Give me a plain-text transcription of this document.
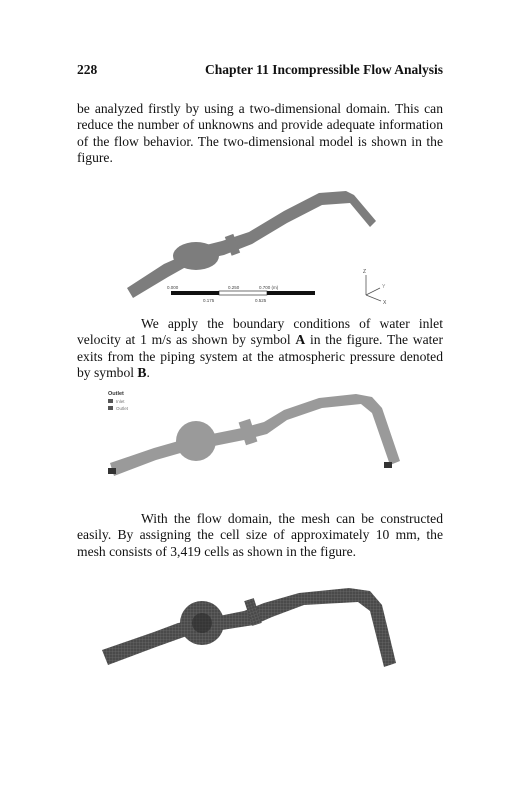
228	Chapter 11 Incompressible Flow Analysis

be analyzed firstly by using a two-dimensional domain. This can reduce the number of unknowns and provide adequate information of the flow behavior. The two-dimensional model is shown in the figure.

0.000	0.250	0.700 (m)
0.175	0.525
Z
Y
X

We apply the boundary conditions of water inlet velocity at 1 m/s as shown by symbol A in the figure. The water exits from the piping system at the atmospheric pressure denoted by symbol B.

Outlet
Inlet
Outlet

With the flow domain, the mesh can be constructed easily. By assigning the cell size of approximately 10 mm, the mesh consists of 3,419 cells as shown in the figure.
